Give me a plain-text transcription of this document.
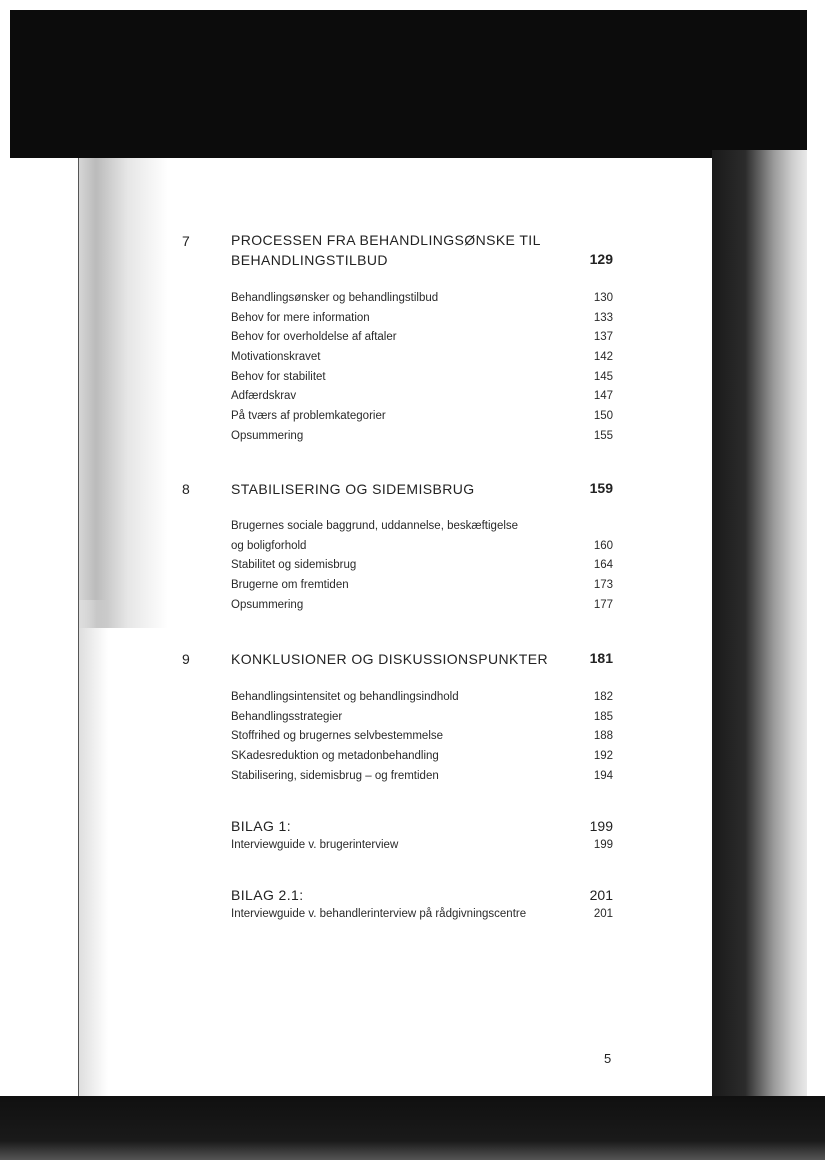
7	PROCESSEN FRA BEHANDLINGSØNSKE TIL BEHANDLINGSTILBUD	129
Behandlingsønsker og behandlingstilbud	130
Behov for mere information	133
Behov for overholdelse af aftaler	137
Motivationskravet	142
Behov for stabilitet	145
Adfærdskrav	147
På tværs af problemkategorier	150
Opsummering	155
8	STABILISERING OG SIDEMISBRUG	159
Brugernes sociale baggrund, uddannelse, beskæftigelse
og boligforhold	160
Stabilitet og sidemisbrug	164
Brugerne om fremtiden	173
Opsummering	177
9	KONKLUSIONER OG DISKUSSIONSPUNKTER	181
Behandlingsintensitet og behandlingsindhold	182
Behandlingsstrategier	185
Stoffrihed og brugernes selvbestemmelse	188
SKadesreduktion og metadonbehandling	192
Stabilisering, sidemisbrug – og fremtiden	194
BILAG 1:	199
Interviewguide v. brugerinterview	199
BILAG 2.1:	201
Interviewguide v. behandlerinterview på rådgivningscentre	201
5
